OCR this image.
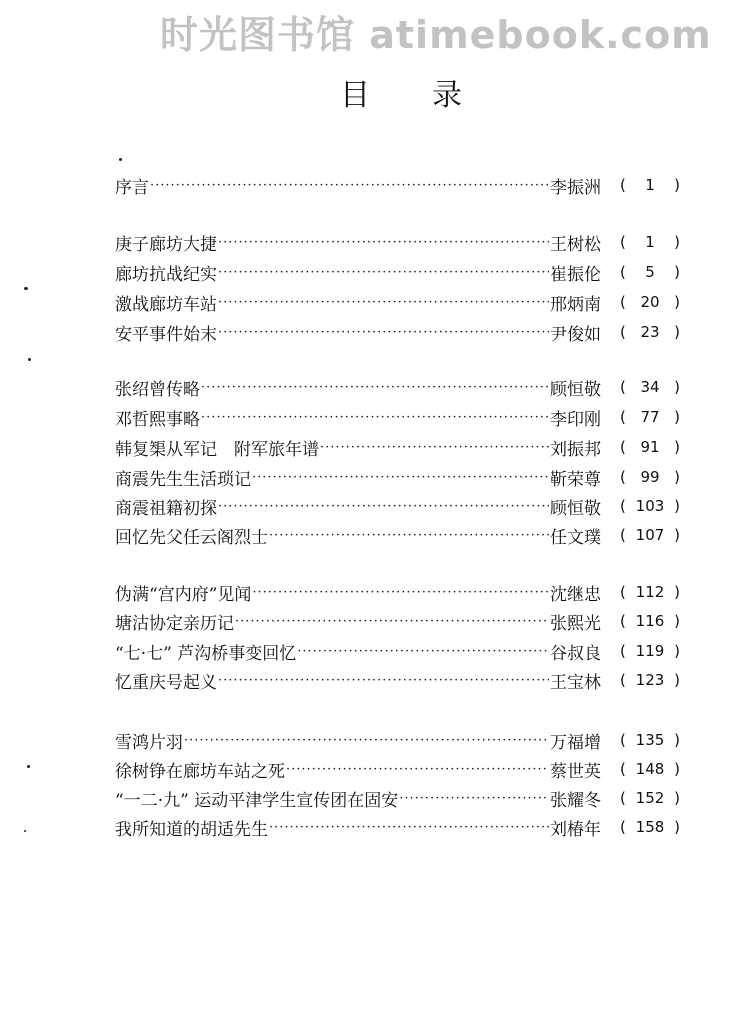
时光图书馆 atimebook.com
目录
序言 ·····	李振洲	(	1	)
庚子廊坊大捷 ·····	王树松	(	1	)
廊坊抗战纪实 ·····	崔振伦	(	5	)
激战廊坊车站 ·····	邢炳南	( 20 )
安平事件始末 ·····	尹俊如	( 23 )
张绍曾传略 ·····	顾恒敬	( 34 )
邓哲熙事略 ·····	李印刚	( 77 )
韩复榘从军记　附军旅年谱 ·····	刘振邦	( 91 )
商震先生生活琐记 ·····	靳荣尊	( 99 )
商震祖籍初探 ·····	顾恒敬	( 103 )
回忆先父任云阁烈士 ·····	任文璞	( 107 )
伪满“宫内府”见闻 ·····	沈继忠	( 112 )
塘沽协定亲历记 ·····	张熙光	( 116 )
“七·七” 芦沟桥事变回忆 ·····	谷叔良	( 119 )
忆重庆号起义 ·····	王宝林	( 123 )
雪鸿片羽 ·····	万福增	( 135 )
徐树铮在廊坊车站之死 ·····	蔡世英	( 148 )
“一二·九” 运动平津学生宣传团在固安 ·····	张耀冬	( 152 )
我所知道的胡适先生 ·····	刘椿年	( 158 )
